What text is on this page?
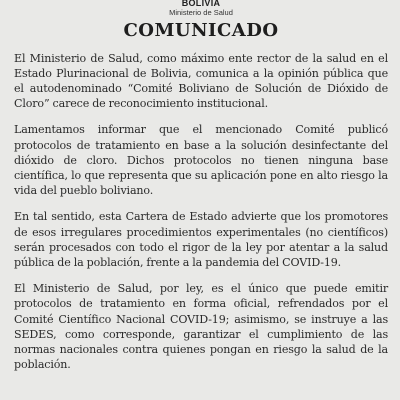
BOLIVIA
Ministerio de Salud
COMUNICADO

El Ministerio de Salud, como máximo ente rector de la salud en el Estado Plurinacional de Bolivia, comunica a la opinión pública que el autodenominado “Comité Boliviano de Solución de Dióxido de Cloro” carece de reconocimiento institucional.

Lamentamos informar que el mencionado Comité publicó protocolos de tratamiento en base a la solución desinfectante del dióxido de cloro. Dichos protocolos no tienen ninguna base científica, lo que representa que su aplicación pone en alto riesgo la vida del pueblo boliviano.

En tal sentido, esta Cartera de Estado advierte que los promotores de esos irregulares procedimientos experimentales (no científicos) serán procesados con todo el rigor de la ley por atentar a la salud pública de la población, frente a la pandemia del COVID-19.

El Ministerio de Salud, por ley, es el único que puede emitir protocolos de tratamiento en forma oficial, refrendados por el Comité Científico Nacional COVID-19; asimismo, se instruye a las SEDES, como corresponde, garantizar el cumplimiento de las normas nacionales contra quienes pongan en riesgo la salud de la población.
